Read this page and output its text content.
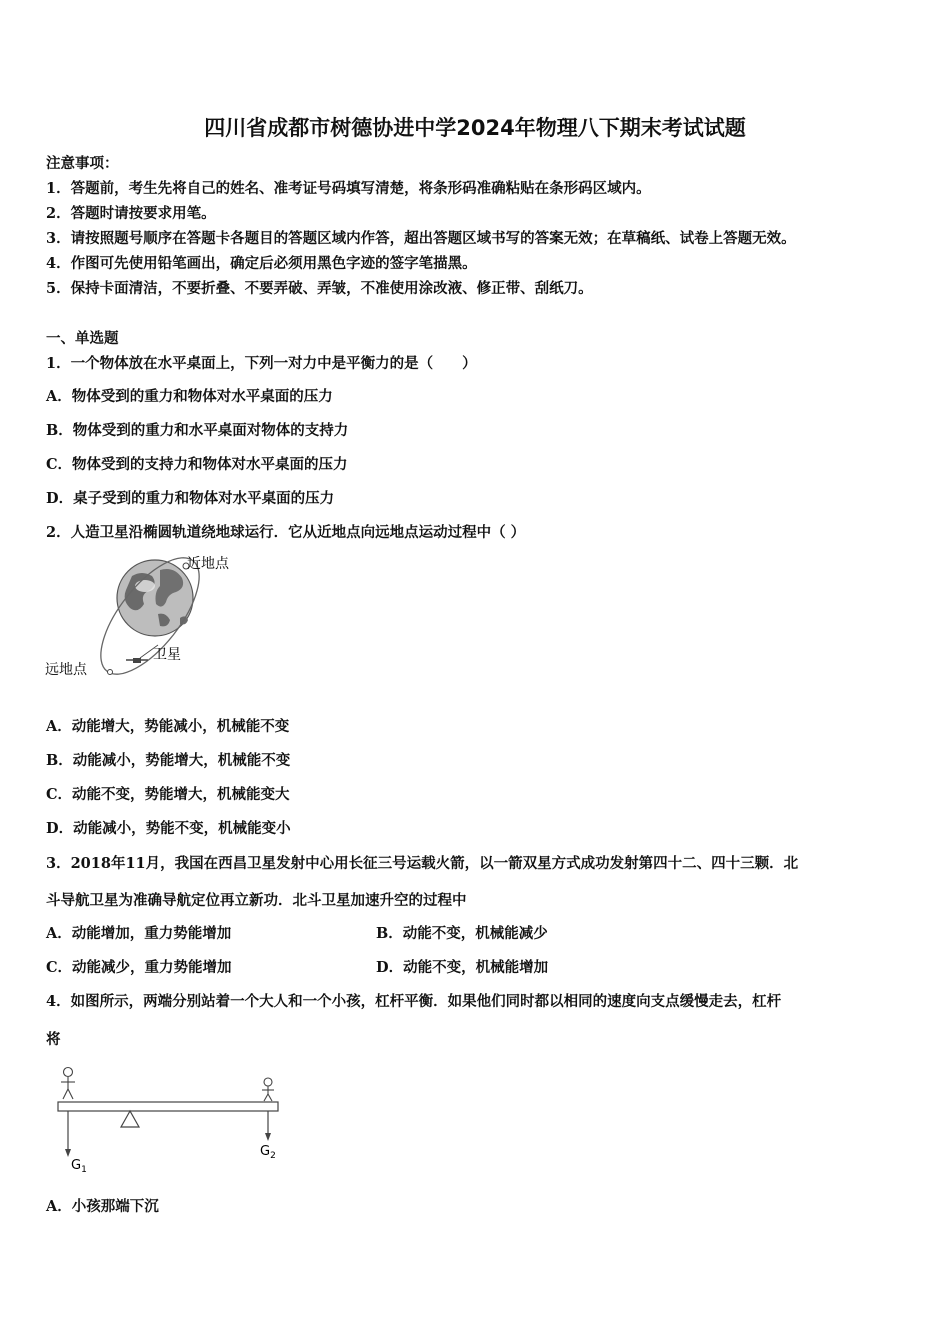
四川省成都市树德协进中学2024年物理八下期末考试试题
注意事项：
1．答题前，考生先将自己的姓名、准考证号码填写清楚，将条形码准确粘贴在条形码区域内。
2．答题时请按要求用笔。
3．请按照题号顺序在答题卡各题目的答题区域内作答，超出答题区域书写的答案无效；在草稿纸、试卷上答题无效。
4．作图可先使用铅笔画出，确定后必须用黑色字迹的签字笔描黑。
5．保持卡面清洁，不要折叠、不要弄破、弄皱，不准使用涂改液、修正带、刮纸刀。
一、单选题
1．一个物体放在水平桌面上，下列一对力中是平衡力的是（　　）
A．物体受到的重力和物体对水平桌面的压力
B．物体受到的重力和水平桌面对物体的支持力
C．物体受到的支持力和物体对水平桌面的压力
D．桌子受到的重力和物体对水平桌面的压力
2．人造卫星沿椭圆轨道绕地球运行．它从近地点向远地点运动过程中（ ）
近地点
远地点
卫星
A．动能增大，势能减小，机械能不变
B．动能减小，势能增大，机械能不变
C．动能不变，势能增大，机械能变大
D．动能减小，势能不变，机械能变小
3．2018年11月，我国在西昌卫星发射中心用长征三号运载火箭，以一箭双星方式成功发射第四十二、四十三颗．北
斗导航卫星为准确导航定位再立新功．北斗卫星加速升空的过程中
A．动能增加，重力势能增加	B．动能不变，机械能减少
C．动能减少，重力势能增加	D．动能不变，机械能增加
4．如图所示，两端分别站着一个大人和一个小孩，杠杆平衡．如果他们同时都以相同的速度向支点缓慢走去，杠杆
将
$G_1$
$G_2$
A．小孩那端下沉
